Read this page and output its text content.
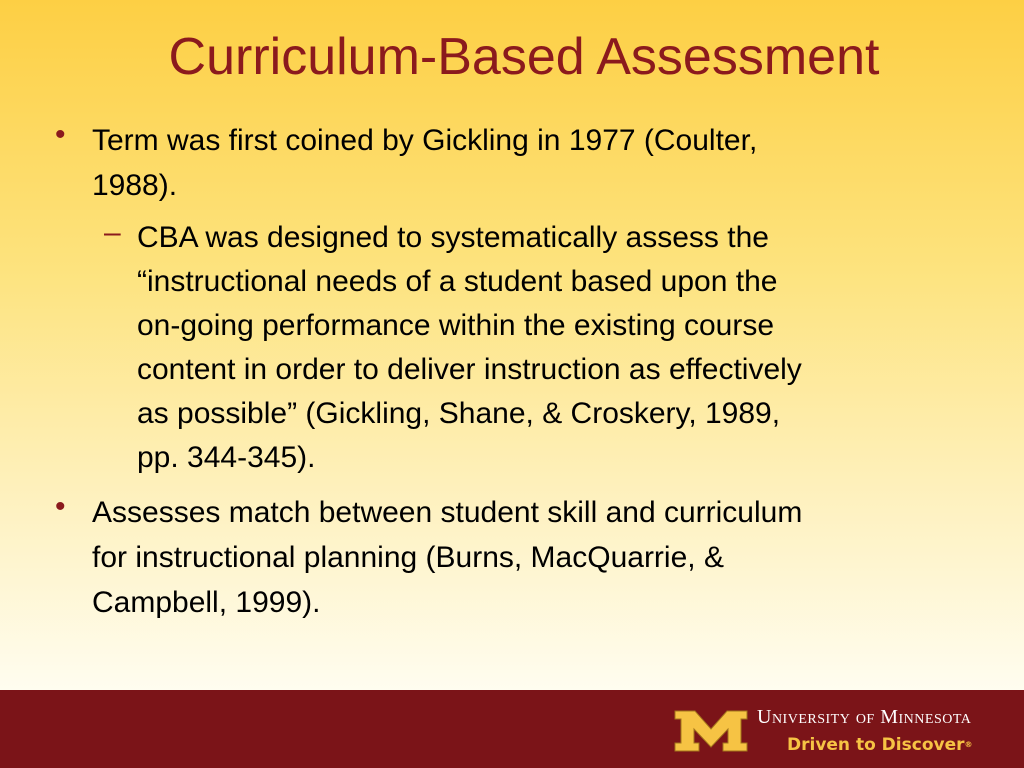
Curriculum-Based Assessment
• Term was first coined by Gickling in 1977 (Coulter,
1988).
– CBA was designed to systematically assess the
“instructional needs of a student based upon the
on-going performance within the existing course
content in order to deliver instruction as effectively
as possible” (Gickling, Shane, & Croskery, 1989,
pp. 344-345).
• Assesses match between student skill and curriculum
for instructional planning (Burns, MacQuarrie, &
Campbell, 1999).
University of Minnesota
Driven to Discover®
